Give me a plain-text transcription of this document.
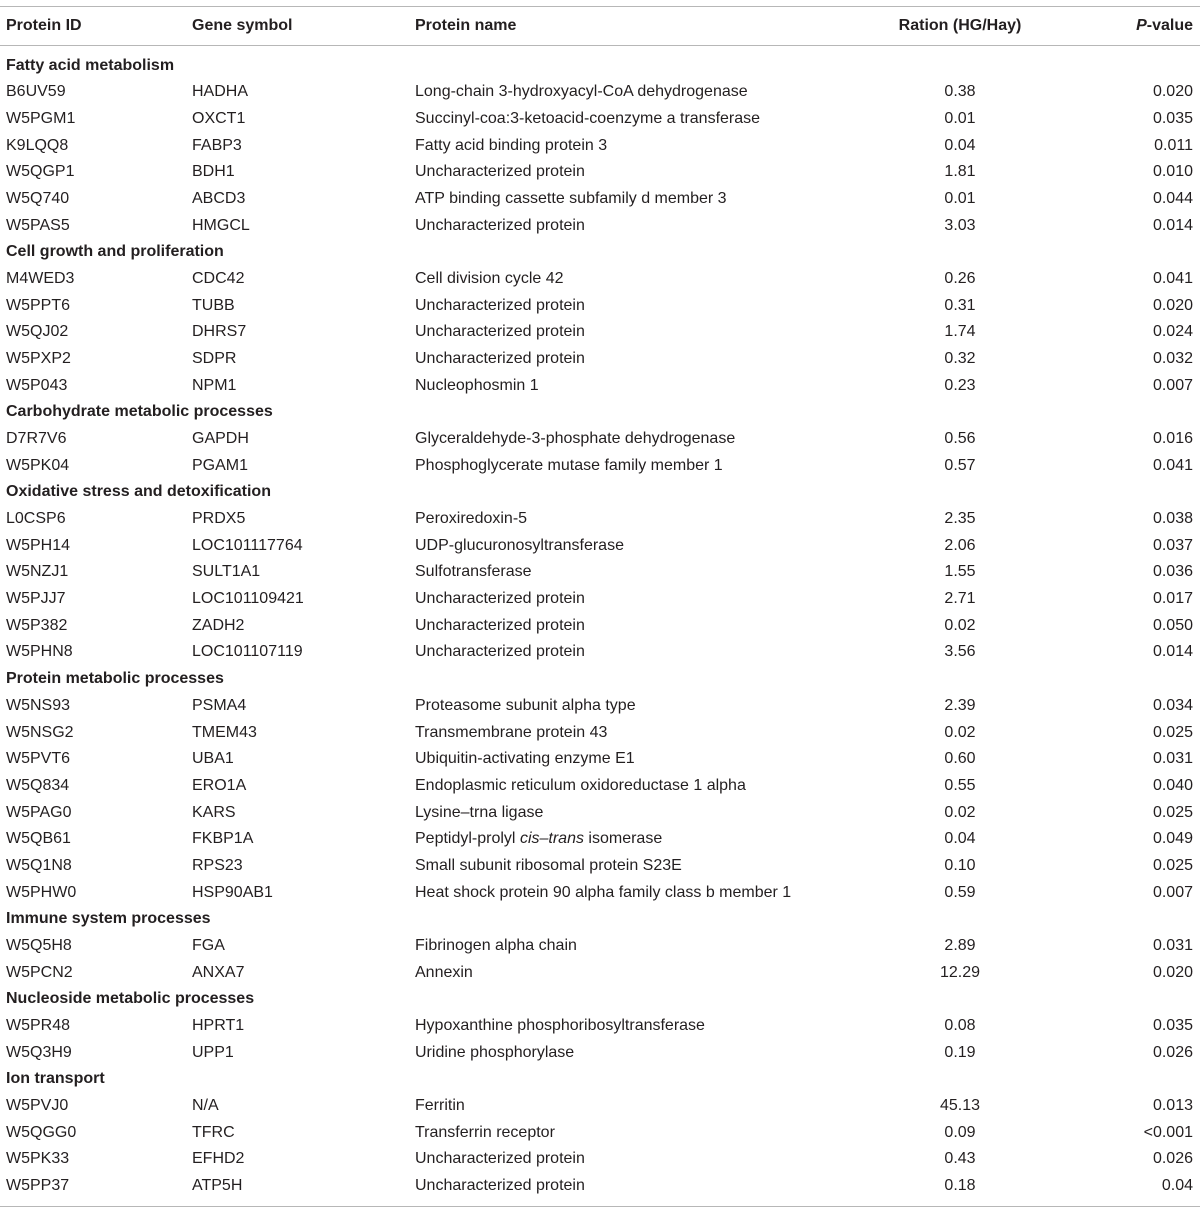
Protein ID	Gene symbol	Protein name	Ration (HG/Hay)	P-value
Fatty acid metabolism
B6UV59	HADHA	Long-chain 3-hydroxyacyl-CoA dehydrogenase	0.38	0.020
W5PGM1	OXCT1	Succinyl-coa:3-ketoacid-coenzyme a transferase	0.01	0.035
K9LQQ8	FABP3	Fatty acid binding protein 3	0.04	0.011
W5QGP1	BDH1	Uncharacterized protein	1.81	0.010
W5Q740	ABCD3	ATP binding cassette subfamily d member 3	0.01	0.044
W5PAS5	HMGCL	Uncharacterized protein	3.03	0.014
Cell growth and proliferation
M4WED3	CDC42	Cell division cycle 42	0.26	0.041
W5PPT6	TUBB	Uncharacterized protein	0.31	0.020
W5QJ02	DHRS7	Uncharacterized protein	1.74	0.024
W5PXP2	SDPR	Uncharacterized protein	0.32	0.032
W5P043	NPM1	Nucleophosmin 1	0.23	0.007
Carbohydrate metabolic processes
D7R7V6	GAPDH	Glyceraldehyde-3-phosphate dehydrogenase	0.56	0.016
W5PK04	PGAM1	Phosphoglycerate mutase family member 1	0.57	0.041
Oxidative stress and detoxification
L0CSP6	PRDX5	Peroxiredoxin-5	2.35	0.038
W5PH14	LOC101117764	UDP-glucuronosyltransferase	2.06	0.037
W5NZJ1	SULT1A1	Sulfotransferase	1.55	0.036
W5PJJ7	LOC101109421	Uncharacterized protein	2.71	0.017
W5P382	ZADH2	Uncharacterized protein	0.02	0.050
W5PHN8	LOC101107119	Uncharacterized protein	3.56	0.014
Protein metabolic processes
W5NS93	PSMA4	Proteasome subunit alpha type	2.39	0.034
W5NSG2	TMEM43	Transmembrane protein 43	0.02	0.025
W5PVT6	UBA1	Ubiquitin-activating enzyme E1	0.60	0.031
W5Q834	ERO1A	Endoplasmic reticulum oxidoreductase 1 alpha	0.55	0.040
W5PAG0	KARS	Lysine–trna ligase	0.02	0.025
W5QB61	FKBP1A	Peptidyl-prolyl cis–trans isomerase	0.04	0.049
W5Q1N8	RPS23	Small subunit ribosomal protein S23E	0.10	0.025
W5PHW0	HSP90AB1	Heat shock protein 90 alpha family class b member 1	0.59	0.007
Immune system processes
W5Q5H8	FGA	Fibrinogen alpha chain	2.89	0.031
W5PCN2	ANXA7	Annexin	12.29	0.020
Nucleoside metabolic processes
W5PR48	HPRT1	Hypoxanthine phosphoribosyltransferase	0.08	0.035
W5Q3H9	UPP1	Uridine phosphorylase	0.19	0.026
Ion transport
W5PVJ0	N/A	Ferritin	45.13	0.013
W5QGG0	TFRC	Transferrin receptor	0.09	<0.001
W5PK33	EFHD2	Uncharacterized protein	0.43	0.026
W5PP37	ATP5H	Uncharacterized protein	0.18	0.04
